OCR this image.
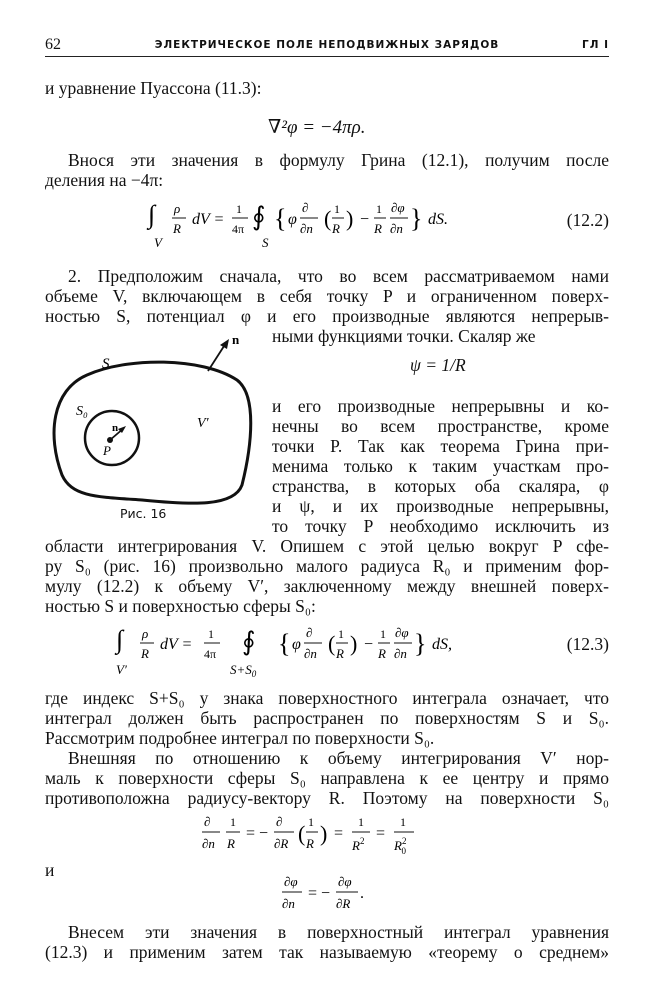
62	ЭЛЕКТРИЧЕСКОЕ ПОЛЕ НЕПОДВИЖНЫХ ЗАРЯДОВ	ГЛ I
и уравнение Пуассона (11.3):
∇²φ = −4πρ.
Внося эти значения в формулу Грина (12.1), получим после
деления на −4π:
∫
V
ρ
R
dV =
1
4π ∮
S
{ φ
∂
∂n ( 1
R ) −
1
R
∂φ
∂n } dS.	(12.2)
2. Предположим сначала, что во всем рассматриваемом нами
объеме V, включающем в себя точку P и ограниченном поверх-
ностью S, потенциал φ и его производные являются непрерыв-
ными функциями точки. Скаляр же
ψ = 1/R
и его производные непрерывны и ко-
нечны во всем пространстве, кроме
точки P. Так как теорема Грина при-
менима только к таким участкам про-
странства, в которых оба скаляра, φ
и ψ, и их производные непрерывны,
то точку P необходимо исключить из
S
n
S₀
n
P
V′
Рис. 16
области интегрирования V. Опишем с этой целью вокруг P сфе-
ру S₀ (рис. 16) произвольно малого радиуса R₀ и применим фор-
мулу (12.2) к объему V′, заключенному между внешней поверх-
ностью S и поверхностью сферы S₀:
∫
V′
ρ
R
dV =
1
4π ∮
$S+S_0$
{ φ
∂
∂n ( 1
R ) −
1
R
∂φ
∂n } dS,	(12.3)
где индекс S+S₀ у знака поверхностного интеграла означает, что
интеграл должен быть распространен по поверхностям S и S₀.
Рассмотрим подробнее интеграл по поверхности S₀.
Внешняя по отношению к объему интегрирования V′ нор-
маль к поверхности сферы S₀ направлена к ее центру и прямо
противоположна радиусу-вектору R. Поэтому на поверхности S₀
∂
∂n
1
R
= −
∂
∂R ( 1
R ) =
1
$R^2$ =
1
$R^2$ 0
и
∂φ
∂n
= −
∂φ
∂R
.
Внесем эти значения в поверхностный интеграл уравнения
(12.3) и применим затем так называемую «теорему о среднем»
